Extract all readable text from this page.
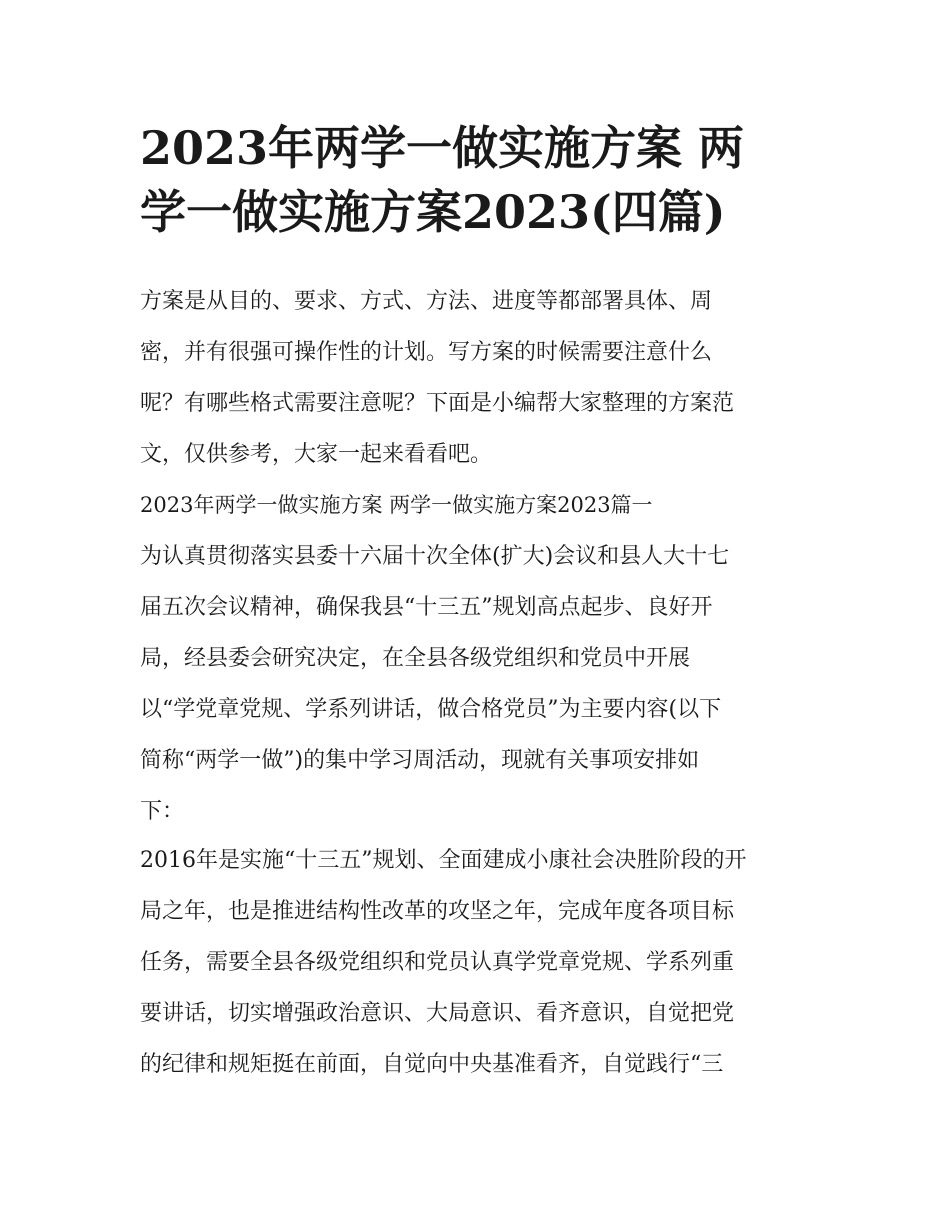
2023年两学一做实施方案 两
学一做实施方案2023(四篇)

方案是从目的、要求、方式、方法、进度等都部署具体、周
密，并有很强可操作性的计划。写方案的时候需要注意什么
呢？有哪些格式需要注意呢？下面是小编帮大家整理的方案范
文，仅供参考，大家一起来看看吧。

2023年两学一做实施方案 两学一做实施方案2023篇一

为认真贯彻落实县委十六届十次全体(扩大)会议和县人大十七
届五次会议精神，确保我县“十三五”规划高点起步、良好开
局，经县委会研究决定，在全县各级党组织和党员中开展
以“学党章党规、学系列讲话，做合格党员”为主要内容(以下
简称“两学一做”)的集中学习周活动，现就有关事项安排如
下：

2016年是实施“十三五”规划、全面建成小康社会决胜阶段的开
局之年，也是推进结构性改革的攻坚之年，完成年度各项目标
任务，需要全县各级党组织和党员认真学党章党规、学系列重
要讲话，切实增强政治意识、大局意识、看齐意识，自觉把党
的纪律和规矩挺在前面，自觉向中央基准看齐，自觉践行“三
